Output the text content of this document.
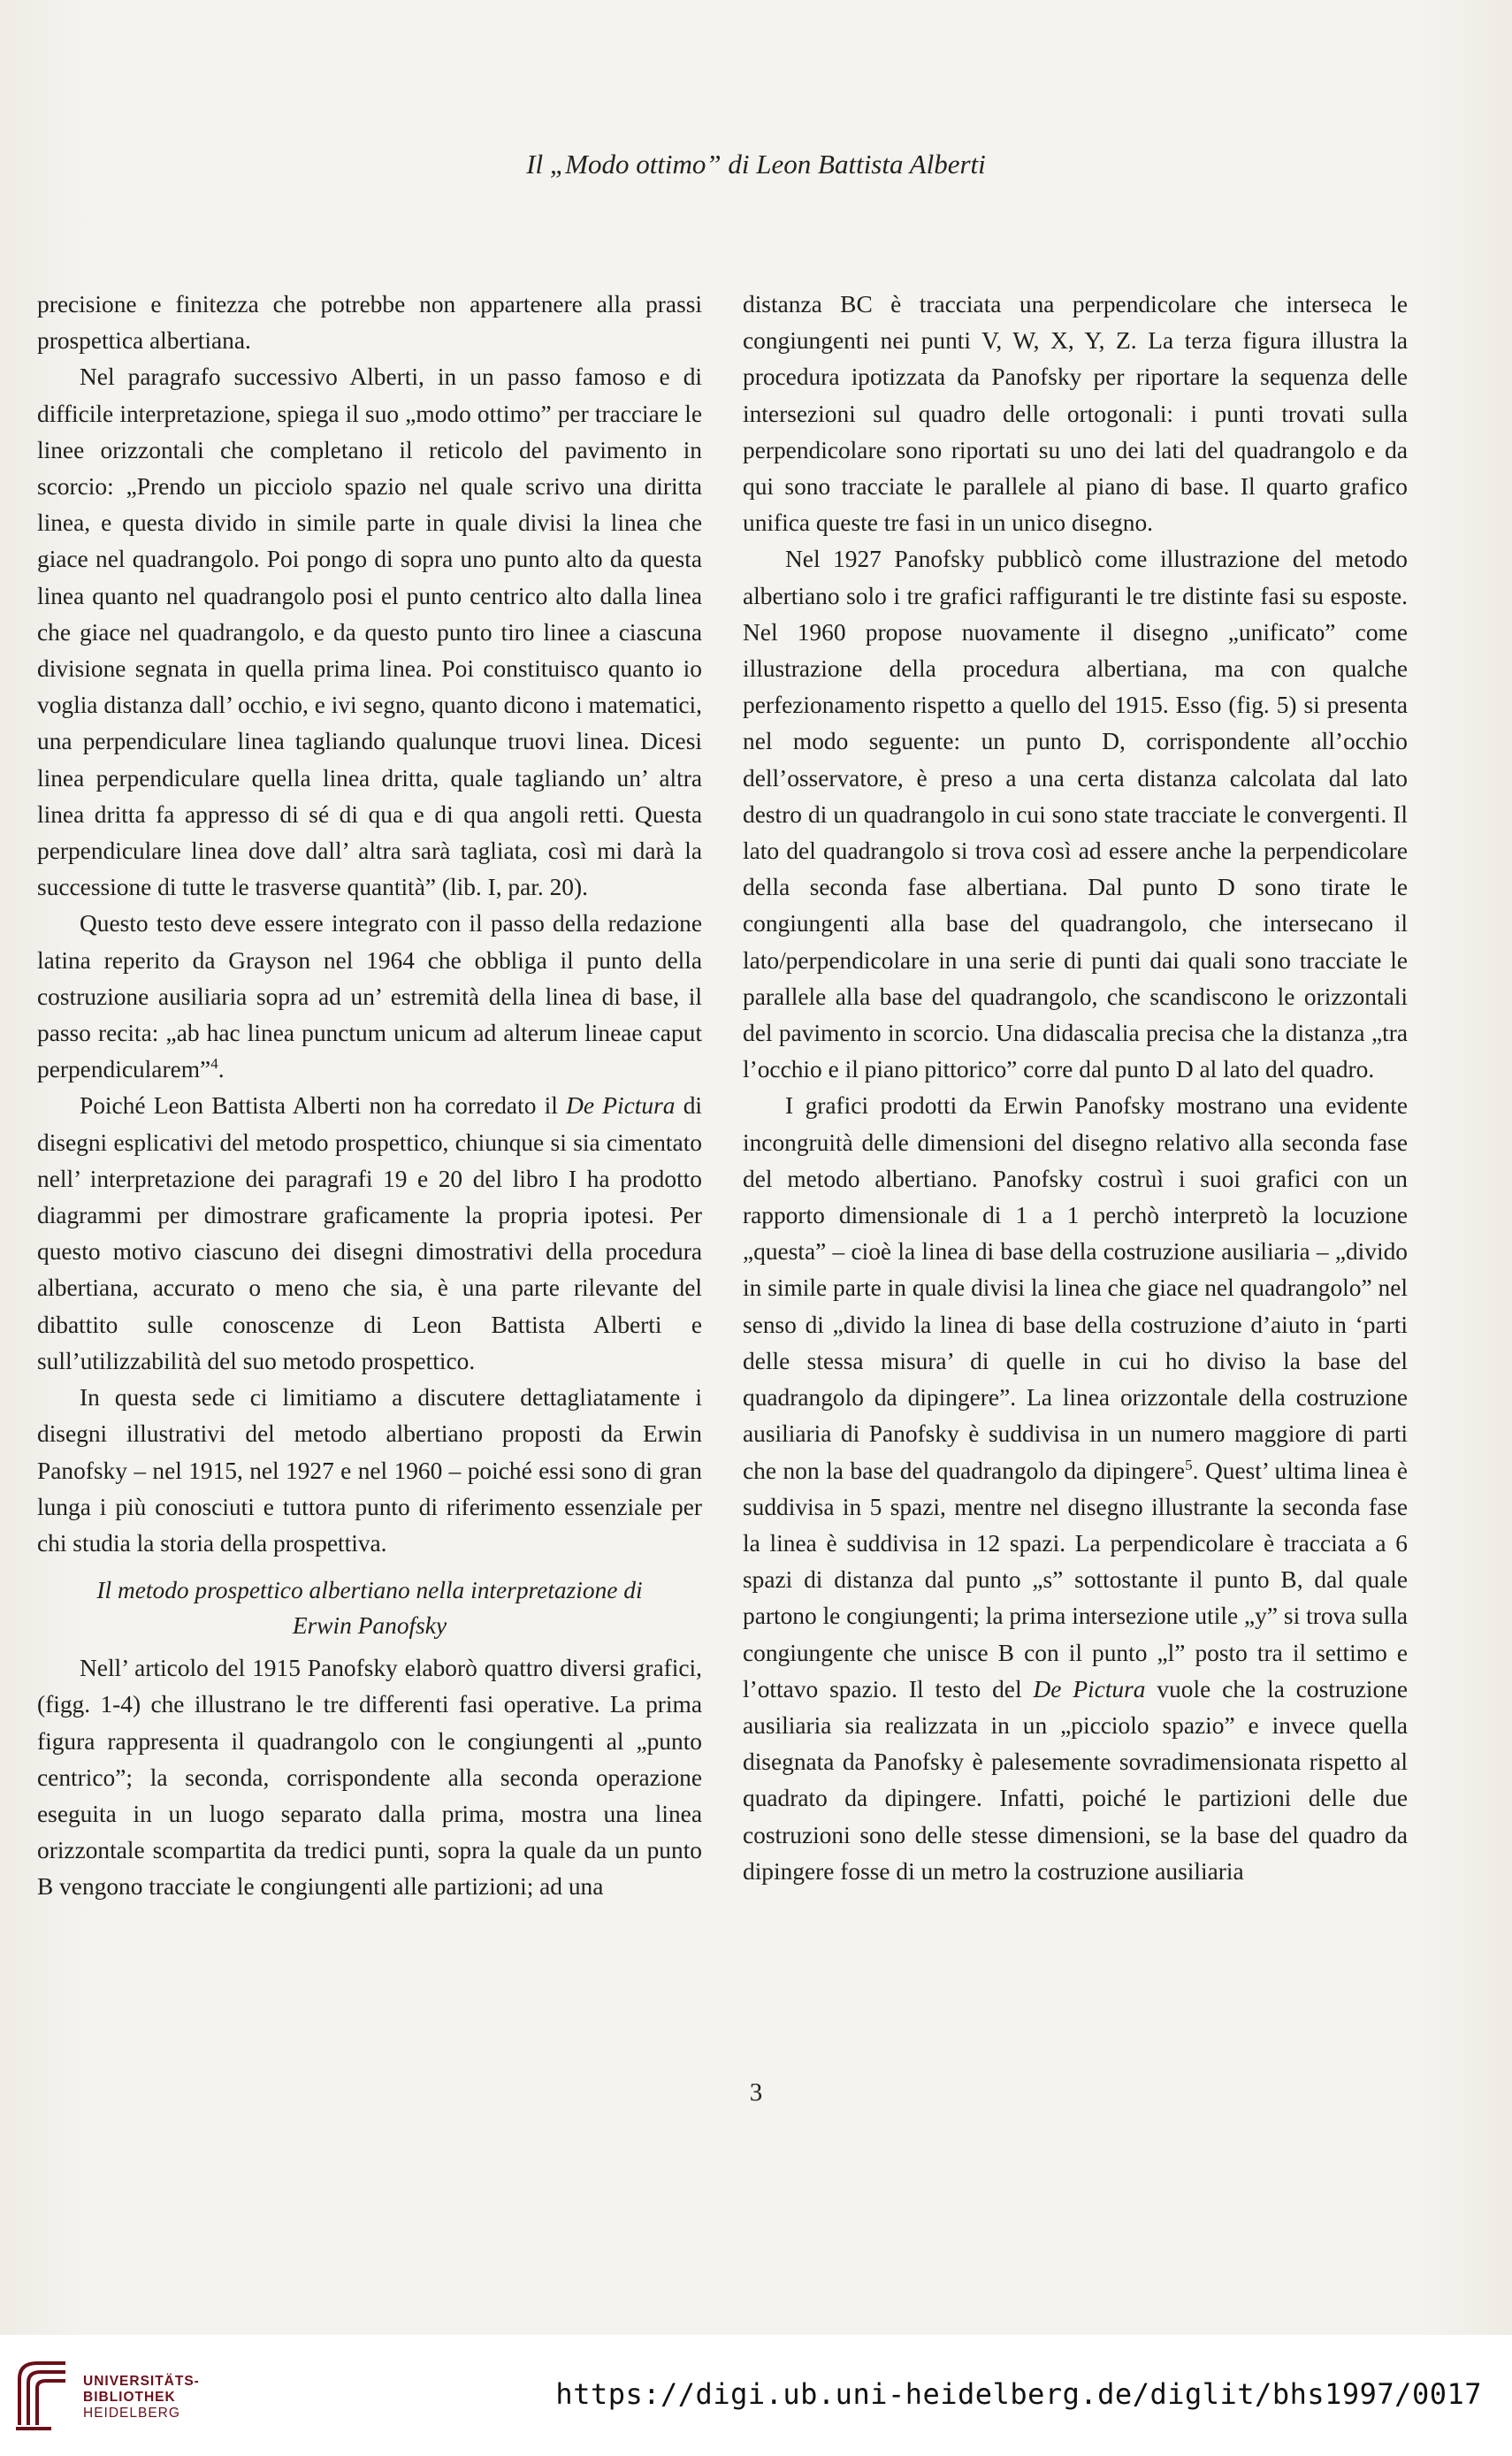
Il „Modo ottimo” di Leon Battista Alberti

precisione e finitezza che potrebbe non appartenere alla prassi prospettica albertiana.

Nel paragrafo successivo Alberti, in un passo famoso e di difficile interpretazione, spiega il suo „modo ottimo” per tracciare le linee orizzontali che completano il reticolo del pavimento in scorcio: „Prendo un picciolo spazio nel quale scrivo una diritta linea, e questa divido in simile parte in quale divisi la linea che giace nel quadrangolo. Poi pongo di sopra uno punto alto da questa linea quanto nel quadrangolo posi el punto centrico alto dalla linea che giace nel quadrangolo, e da questo punto tiro linee a ciascuna divisione segnata in quella prima linea. Poi constituisco quanto io voglia distanza dall’ occhio, e ivi segno, quanto dicono i matematici, una perpendiculare linea tagliando qualunque truovi linea. Dicesi linea perpendiculare quella linea dritta, quale tagliando un’ altra linea dritta fa appresso di sé di qua e di qua angoli retti. Questa perpendiculare linea dove dall’ altra sarà tagliata, così mi darà la successione di tutte le trasverse quantità” (lib. I, par. 20).

Questo testo deve essere integrato con il passo della redazione latina reperito da Grayson nel 1964 che obbliga il punto della costruzione ausiliaria sopra ad un’ estremità della linea di base, il passo recita: „ab hac linea punctum unicum ad alterum lineae caput perpendicularem”$^4$.

Poiché Leon Battista Alberti non ha corredato il De Pictura di disegni esplicativi del metodo prospettico, chiunque si sia cimentato nell’ interpretazione dei paragrafi 19 e 20 del libro I ha prodotto diagrammi per dimostrare graficamente la propria ipotesi. Per questo motivo ciascuno dei disegni dimostrativi della procedura albertiana, accurato o meno che sia, è una parte rilevante del dibattito sulle conoscenze di Leon Battista Alberti e sull’utilizzabilità del suo metodo prospettico.

In questa sede ci limitiamo a discutere dettagliatamente i disegni illustrativi del metodo albertiano proposti da Erwin Panofsky – nel 1915, nel 1927 e nel 1960 – poiché essi sono di gran lunga i più conosciuti e tuttora punto di riferimento essenziale per chi studia la storia della prospettiva.

Il metodo prospettico albertiano nella interpretazione di
Erwin Panofsky

Nell’ articolo del 1915 Panofsky elaborò quattro diversi grafici, (figg. 1-4) che illustrano le tre differenti fasi operative. La prima figura rappresenta il quadrangolo con le congiungenti al „punto centrico”; la seconda, corrispondente alla seconda operazione eseguita in un luogo separato dalla prima, mostra una linea orizzontale scompartita da tredici punti, sopra la quale da un punto B vengono tracciate le congiungenti alle partizioni; ad una

distanza BC è tracciata una perpendicolare che interseca le congiungenti nei punti V, W, X, Y, Z. La terza figura illustra la procedura ipotizzata da Panofsky per riportare la sequenza delle intersezioni sul quadro delle ortogonali: i punti trovati sulla perpendicolare sono riportati su uno dei lati del quadrangolo e da qui sono tracciate le parallele al piano di base. Il quarto grafico unifica queste tre fasi in un unico disegno.

Nel 1927 Panofsky pubblicò come illustrazione del metodo albertiano solo i tre grafici raffiguranti le tre distinte fasi su esposte. Nel 1960 propose nuovamente il disegno „unificato” come illustrazione della procedura albertiana, ma con qualche perfezionamento rispetto a quello del 1915. Esso (fig. 5) si presenta nel modo seguente: un punto D, corrispondente all’occhio dell’osservatore, è preso a una certa distanza calcolata dal lato destro di un quadrangolo in cui sono state tracciate le convergenti. Il lato del quadrangolo si trova così ad essere anche la perpendicolare della seconda fase albertiana. Dal punto D sono tirate le congiungenti alla base del quadrangolo, che intersecano il lato/perpendicolare in una serie di punti dai quali sono tracciate le parallele alla base del quadrangolo, che scandiscono le orizzontali del pavimento in scorcio. Una didascalia precisa che la distanza „tra l’occhio e il piano pittorico” corre dal punto D al lato del quadro.

I grafici prodotti da Erwin Panofsky mostrano una evidente incongruità delle dimensioni del disegno relativo alla seconda fase del metodo albertiano. Panofsky costruì i suoi grafici con un rapporto dimensionale di 1 a 1 perchò interpretò la locuzione „questa” – cioè la linea di base della costruzione ausiliaria – „divido in simile parte in quale divisi la linea che giace nel quadrangolo” nel senso di „divido la linea di base della costruzione d’aiuto in ‘parti delle stessa misura’ di quelle in cui ho diviso la base del quadrangolo da dipingere”. La linea orizzontale della costruzione ausiliaria di Panofsky è suddivisa in un numero maggiore di parti che non la base del quadrangolo da dipingere$^5$. Quest’ ultima linea è suddivisa in 5 spazi, mentre nel disegno illustrante la seconda fase la linea è suddivisa in 12 spazi. La perpendicolare è tracciata a 6 spazi di distanza dal punto „s” sottostante il punto B, dal quale partono le congiungenti; la prima intersezione utile „y” si trova sulla congiungente che unisce B con il punto „l” posto tra il settimo e l’ottavo spazio. Il testo del De Pictura vuole che la costruzione ausiliaria sia realizzata in un „picciolo spazio” e invece quella disegnata da Panofsky è palesemente sovradimensionata rispetto al quadrato da dipingere. Infatti, poiché le partizioni delle due costruzioni sono delle stesse dimensioni, se la base del quadro da dipingere fosse di un metro la costruzione ausiliaria

3
UNIVERSITÄTS-
BIBLIOTHEK
HEIDELBERG
https://digi.ub.uni-heidelberg.de/diglit/bhs1997/0017
